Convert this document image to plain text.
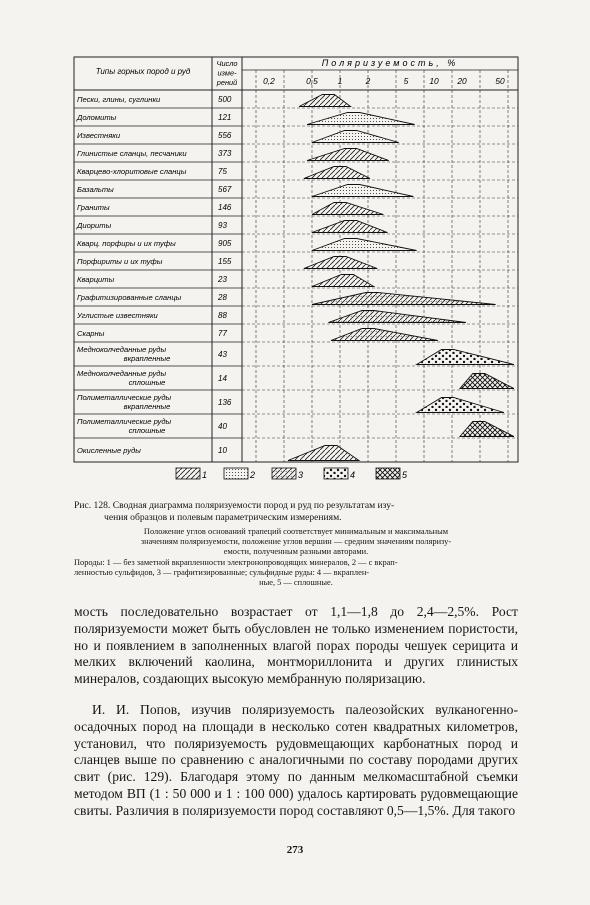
Типы горных пород и руд
Число
изме-
рений
Поляризуемость, %
0,2	0,5 1	2	5	10 20	50
Пески, глины, суглинки	500
Доломиты	121
Известняки	556
Глинистые сланцы, песчаники	373
Кварцево-хлоритовые сланцы	75
Базальты	567
Граниты	146
Диориты	93
Кварц. порфиры и их туфы	905
Порфириты и их туфы	155
Кварциты	23
Графитизированные сланцы	28
Углистые известняки	88
Скарны	77
Медноколчеданные руды
вкрапленные	43
Медноколчеданные руды
сплошные	14
Полиметаллические руды
вкрапленные	136
Полиметаллические руды
сплошные	40
Окисленные руды	10
1	2	3	4	5
Рис. 128. Сводная диаграмма поляризуемости пород и руд по результатам изу-
чения образцов и полевым параметрическим измерениям.
Положение углов оснований трапеций соответствует минимальным и максимальным
значениям поляризуемости, положение углов вершин — средним значениям поляризу-
емости, полученным разными авторами.
Породы: 1 — без заметной вкрапленности электронопроводящих минералов, 2 — с вкрап-
ленностью сульфидов, 3 — графитизированные; сульфидные руды: 4 — вкраплен-
ные, 5 — сплошные.
мость последовательно возрастает от 1,1—1,8 до 2,4—2,5%. Рост поляризуемости может быть обусловлен не только изменением пористости, но и появлением в заполненных влагой порах породы чешуек серицита и мелких включений каолина, монтмориллонита и других глинистых минералов, создающих высокую мембранную поляризацию.
И. И. Попов, изучив поляризуемость палеозойских вулканогенно-осадочных пород на площади в несколько сотен квадратных километров, установил, что поляризуемость рудовмещающих карбонатных пород и сланцев выше по сравнению с аналогичными по составу породами других свит (рис. 129). Благодаря этому по данным мелкомасштабной съемки методом ВП (1 : 50 000 и 1 : 100 000) удалось картировать рудовмещающие свиты. Различия в поляризуемости пород составляют 0,5—1,5%. Для такого
273
